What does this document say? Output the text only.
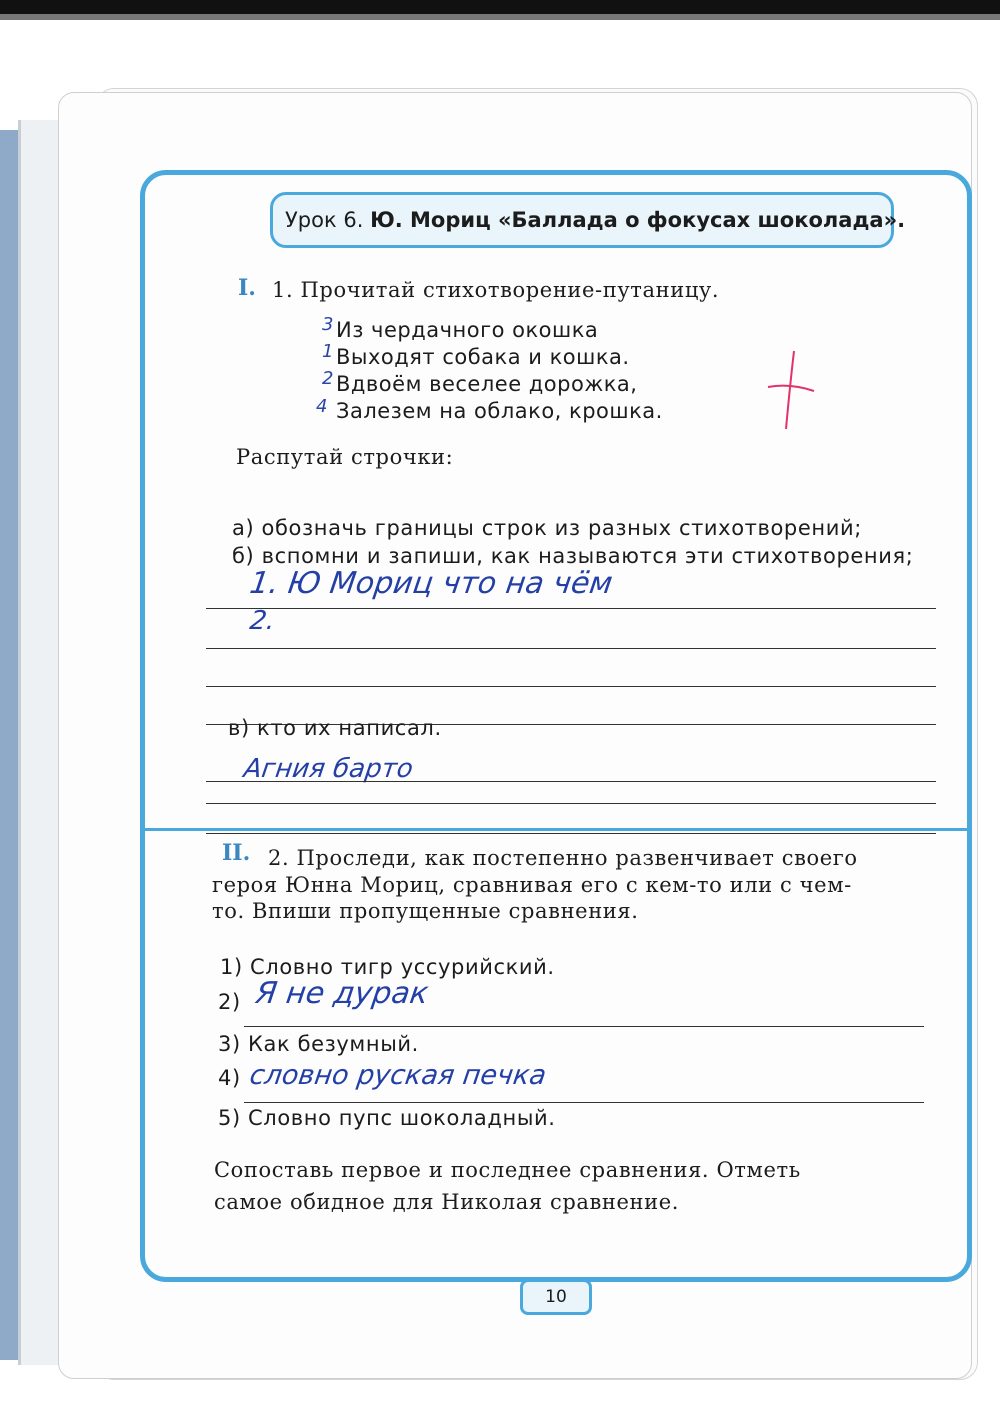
Урок 6. Ю. Мориц «Баллада о фокусах шоколада».
I. 1. Прочитай стихотворение-путаницу.
3 Из чердачного окошка
1 Выходят собака и кошка.
2 Вдвоём веселее дорожка,
4 Залезем на облако, крошка.
Распутай строчки:
а) обозначь границы строк из разных стихотворений;
б) вспомни и запиши, как называются эти стихотворения;
1. Ю Мориц что на чём
2.
в) кто их написал.
Агния барто
II. 2. Проследи, как постепенно развенчивает своего
героя Юнна Мориц, сравнивая его с кем-то или с чем-
то. Впиши пропущенные сравнения.
1) Словно тигр уссурийский.
2) Я не дурак
3) Как безумный.
4) словно руская печка
5) Словно пупс шоколадный.
Сопоставь первое и последнее сравнения. Отметь
самое обидное для Николая сравнение.
10
